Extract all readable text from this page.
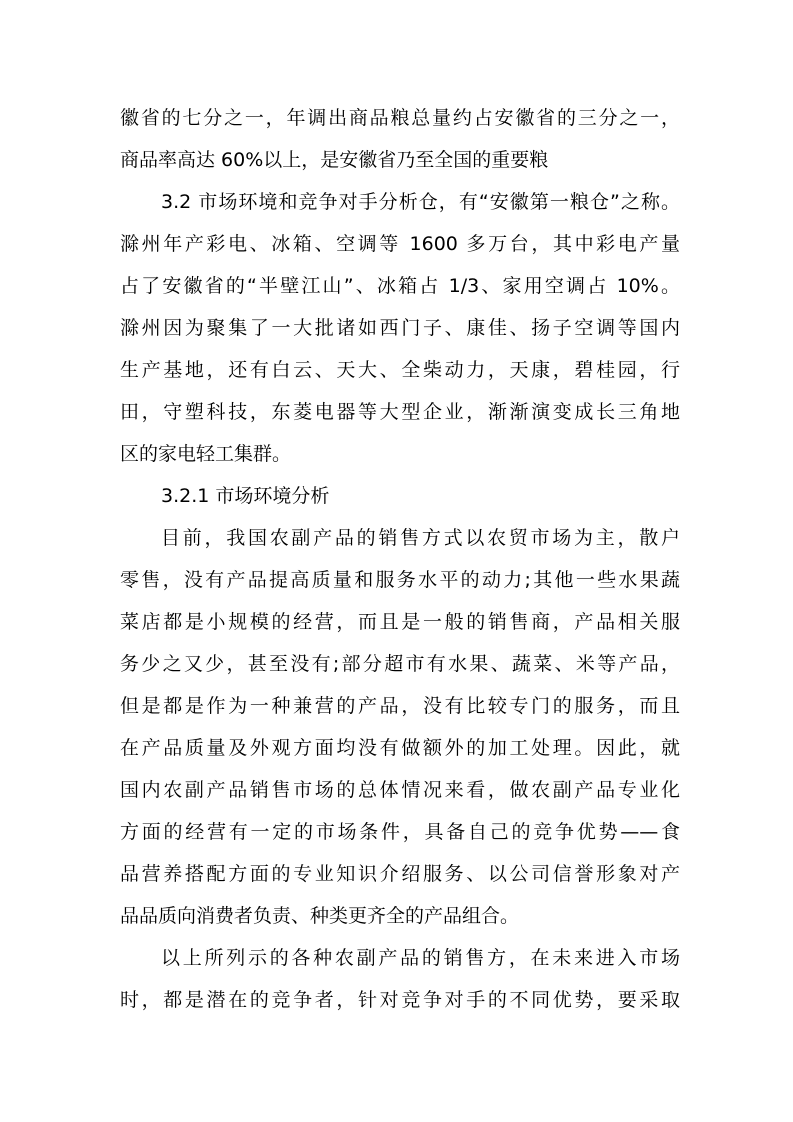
徽省的七分之一，年调出商品粮总量约占安徽省的三分之一，
商品率高达 60%以上，是安徽省乃至全国的重要粮
3.2 市场环境和竞争对手分析仓，有“安徽第一粮仓”之称。
滁州年产彩电、冰箱、空调等 1600 多万台，其中彩电产量
占了安徽省的“半壁江山”、冰箱占 1/3、家用空调占 10%。
滁州因为聚集了一大批诸如西门子、康佳、扬子空调等国内
生产基地，还有白云、天大、全柴动力，天康，碧桂园，行
田，守塑科技，东菱电器等大型企业，渐渐演变成长三角地
区的家电轻工集群。
3.2.1 市场环境分析
目前，我国农副产品的销售方式以农贸市场为主，散户
零售，没有产品提高质量和服务水平的动力;其他一些水果蔬
菜店都是小规模的经营，而且是一般的销售商，产品相关服
务少之又少，甚至没有;部分超市有水果、蔬菜、米等产品，
但是都是作为一种兼营的产品，没有比较专门的服务，而且
在产品质量及外观方面均没有做额外的加工处理。因此，就
国内农副产品销售市场的总体情况来看，做农副产品专业化
方面的经营有一定的市场条件，具备自己的竞争优势——食
品营养搭配方面的专业知识介绍服务、以公司信誉形象对产
品品质向消费者负责、种类更齐全的产品组合。
以上所列示的各种农副产品的销售方，在未来进入市场
时，都是潜在的竞争者，针对竞争对手的不同优势，要采取
